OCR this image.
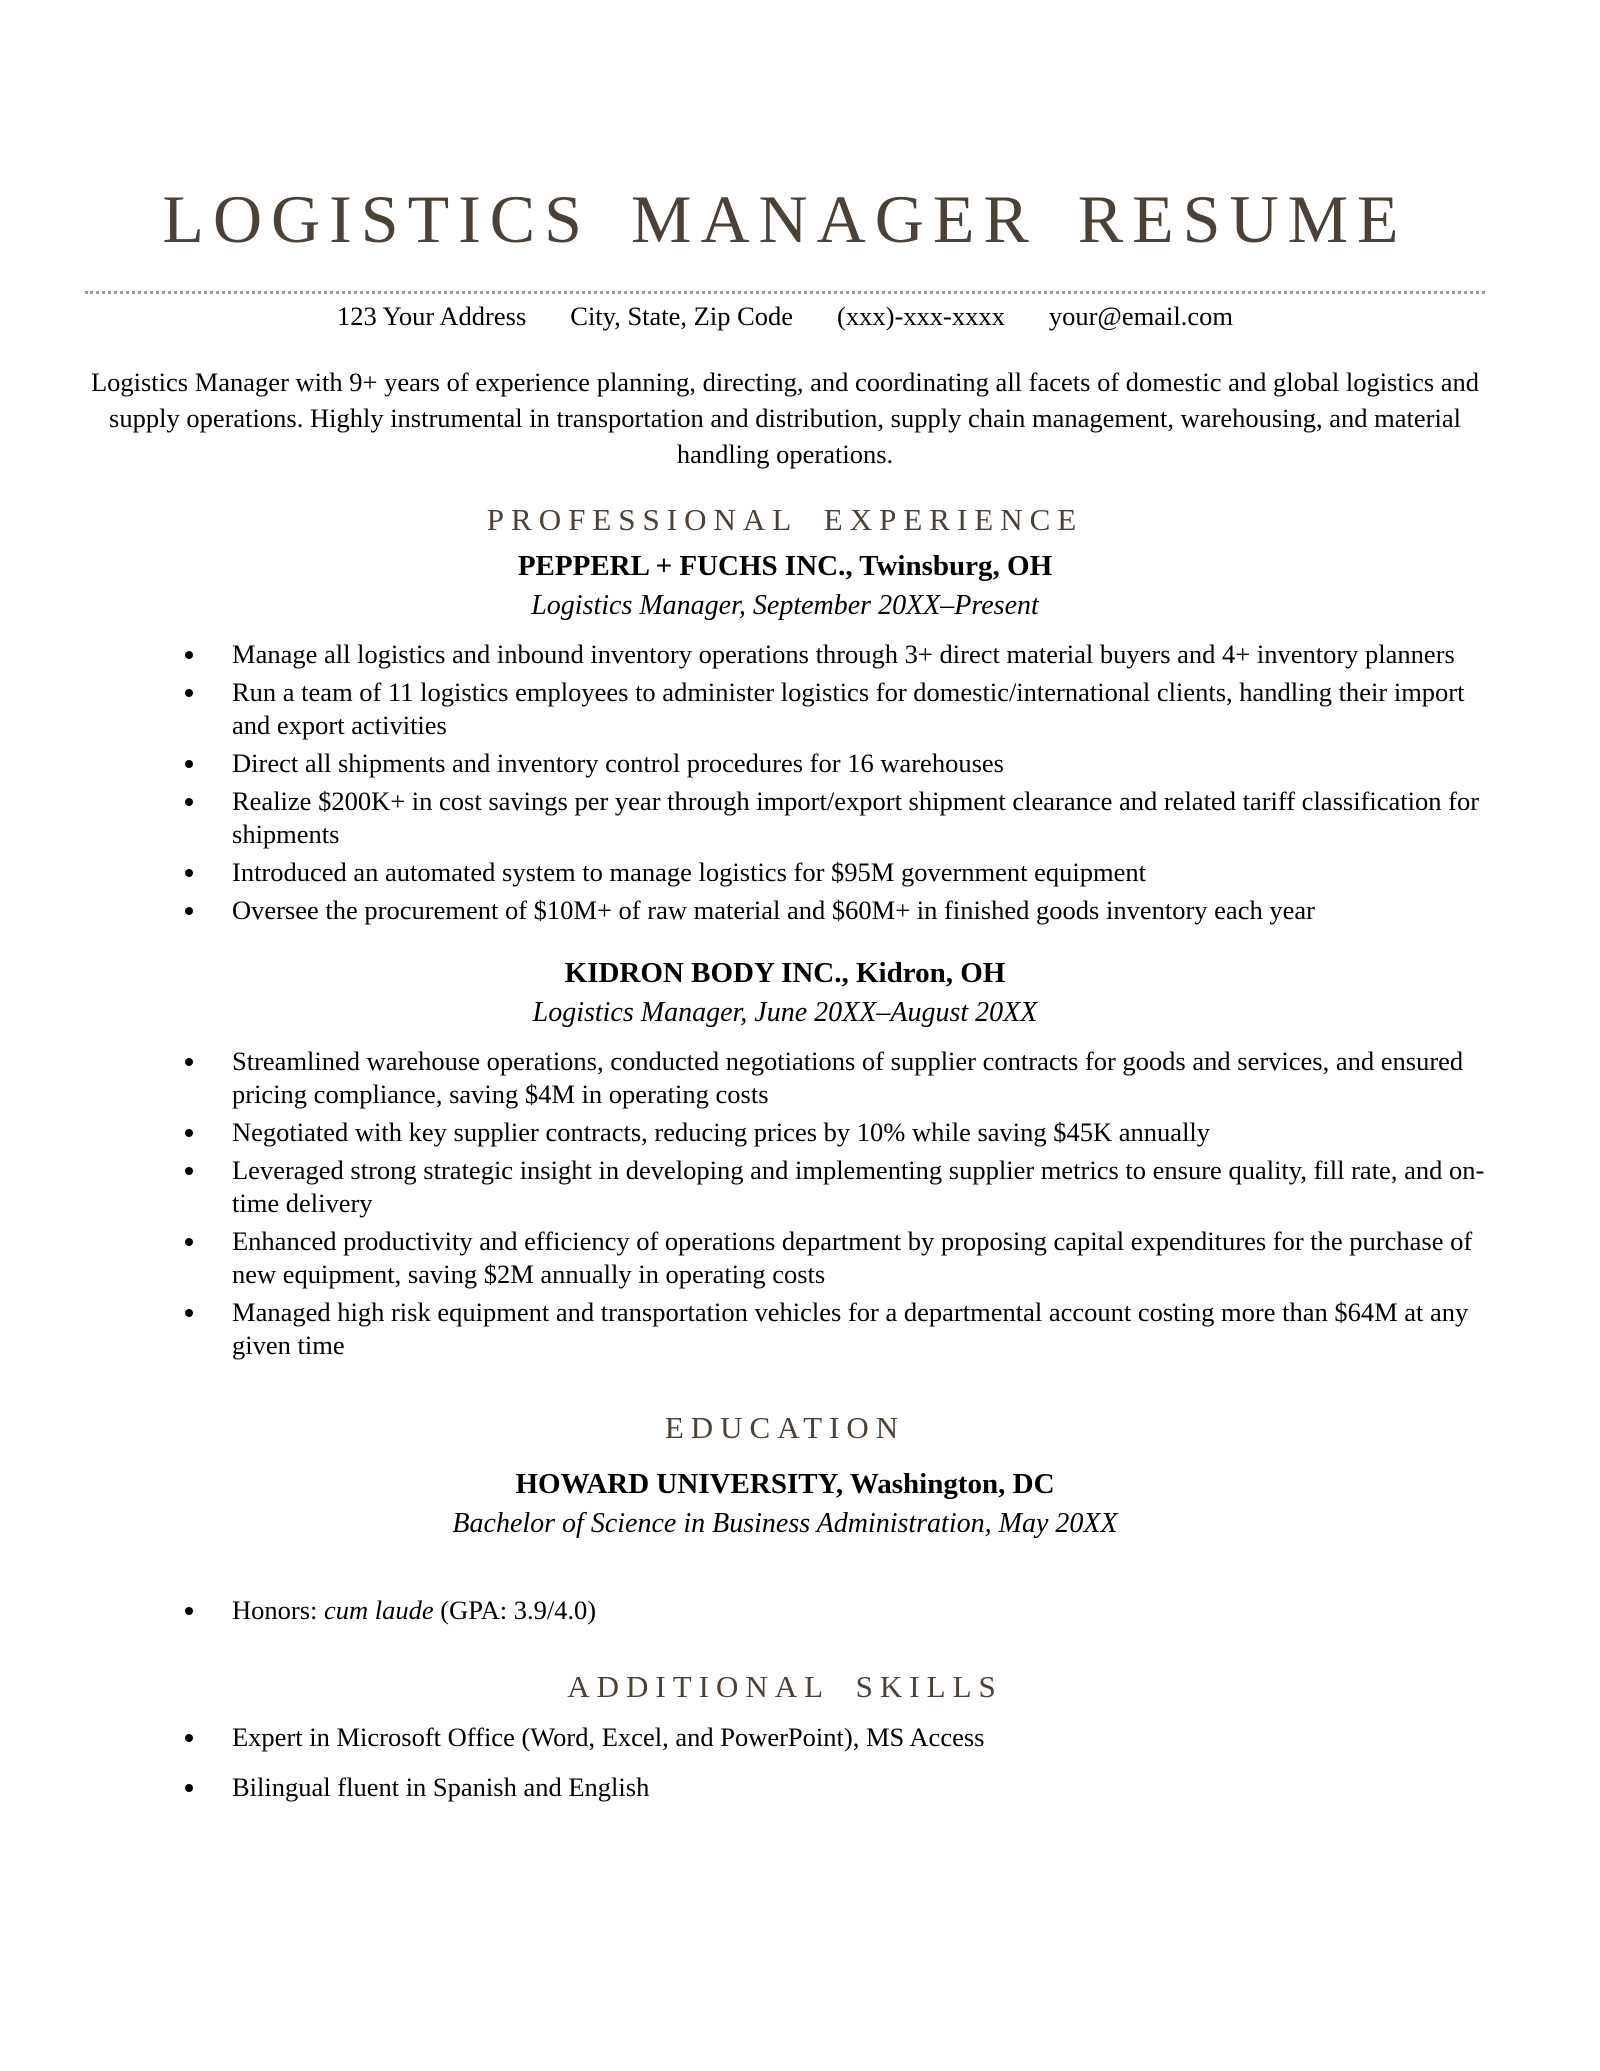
LOGISTICS MANAGER RESUME
123 Your Address City, State, Zip Code (xxx)-xxx-xxxx your@email.com

Logistics Manager with 9+ years of experience planning, directing, and coordinating all facets of domestic and global logistics and supply operations. Highly instrumental in transportation and distribution, supply chain management, warehousing, and material handling operations.

PROFESSIONAL EXPERIENCE
PEPPERL + FUCHS INC., Twinsburg, OH
Logistics Manager, September 20XX–Present
Manage all logistics and inbound inventory operations through 3+ direct material buyers and 4+ inventory planners
Run a team of 11 logistics employees to administer logistics for domestic/international clients, handling their import and export activities
Direct all shipments and inventory control procedures for 16 warehouses
Realize $200K+ in cost savings per year through import/export shipment clearance and related tariff classification for shipments
Introduced an automated system to manage logistics for $95M government equipment
Oversee the procurement of $10M+ of raw material and $60M+ in finished goods inventory each year
KIDRON BODY INC., Kidron, OH
Logistics Manager, June 20XX–August 20XX
Streamlined warehouse operations, conducted negotiations of supplier contracts for goods and services, and ensured pricing compliance, saving $4M in operating costs
Negotiated with key supplier contracts, reducing prices by 10% while saving $45K annually
Leveraged strong strategic insight in developing and implementing supplier metrics to ensure quality, fill rate, and on-time delivery
Enhanced productivity and efficiency of operations department by proposing capital expenditures for the purchase of new equipment, saving $2M annually in operating costs
Managed high risk equipment and transportation vehicles for a departmental account costing more than $64M at any given time
EDUCATION
HOWARD UNIVERSITY, Washington, DC
Bachelor of Science in Business Administration, May 20XX
Honors: cum laude (GPA: 3.9/4.0)
ADDITIONAL SKILLS
Expert in Microsoft Office (Word, Excel, and PowerPoint), MS Access
Bilingual fluent in Spanish and English
